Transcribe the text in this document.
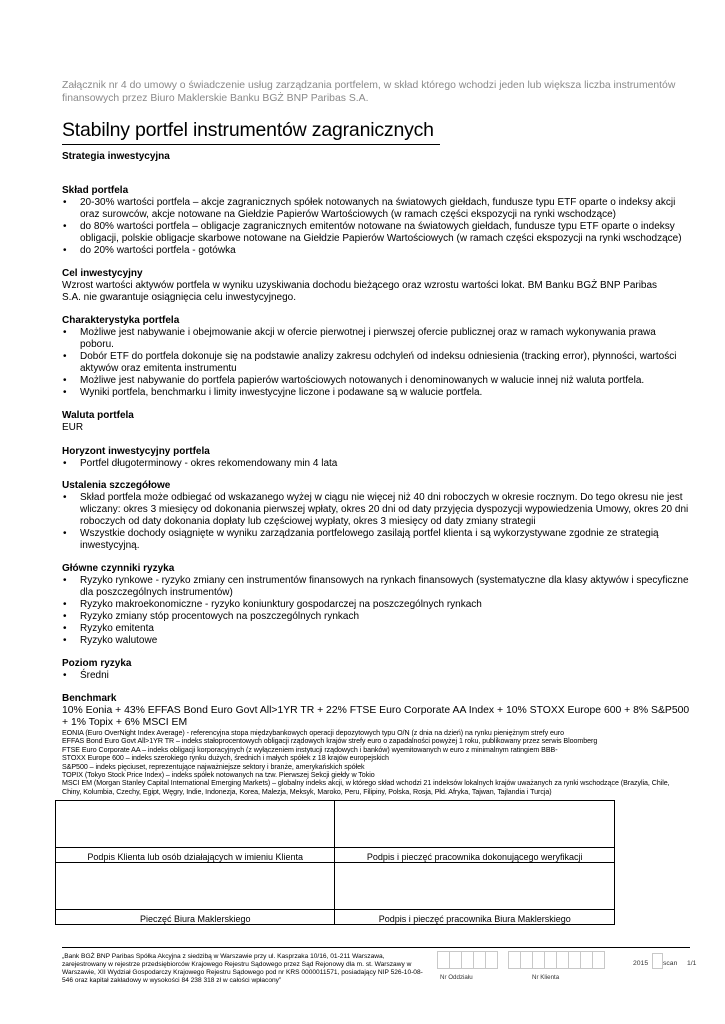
Załącznik nr 4 do umowy o świadczenie usług zarządzania portfelem, w skład którego wchodzi jeden lub większa liczba instrumentów finansowych przez Biuro Maklerskie Banku BGŻ BNP Paribas S.A.
Stabilny portfel instrumentów zagranicznych
Strategia inwestycyjna
Skład portfela
• 20-30% wartości portfela – akcje zagranicznych spółek notowanych na światowych giełdach, fundusze typu ETF oparte o indeksy akcji oraz surowców, akcje notowane na Giełdzie Papierów Wartościowych (w ramach części ekspozycji na rynki wschodzące)
• do 80% wartości portfela – obligacje zagranicznych emitentów notowane na światowych giełdach, fundusze typu ETF oparte o indeksy obligacji, polskie obligacje skarbowe notowane na Giełdzie Papierów Wartościowych (w ramach części ekspozycji na rynki wschodzące)
• do 20% wartości portfela - gotówka
Cel inwestycyjny
Wzrost wartości aktywów portfela w wyniku uzyskiwania dochodu bieżącego oraz wzrostu wartości lokat. BM Banku BGŻ BNP Paribas S.A. nie gwarantuje osiągnięcia celu inwestycyjnego.
Charakterystyka portfela
• Możliwe jest nabywanie i obejmowanie akcji w ofercie pierwotnej i pierwszej ofercie publicznej oraz w ramach wykonywania prawa poboru.
• Dobór ETF do portfela dokonuje się na podstawie analizy zakresu odchyleń od indeksu odniesienia (tracking error), płynności, wartości aktywów oraz emitenta instrumentu
• Możliwe jest nabywanie do portfela papierów wartościowych notowanych i denominowanych w walucie innej niż waluta portfela.
• Wyniki portfela, benchmarku i limity inwestycyjne liczone i podawane są w walucie portfela.
Waluta portfela
EUR
Horyzont inwestycyjny portfela
• Portfel długoterminowy - okres rekomendowany min 4 lata
Ustalenia szczegółowe
• Skład portfela może odbiegać od wskazanego wyżej w ciągu nie więcej niż 40 dni roboczych w okresie rocznym. Do tego okresu nie jest wliczany: okres 3 miesięcy od dokonania pierwszej wpłaty, okres 20 dni od daty przyjęcia dyspozycji wypowiedzenia Umowy, okres 20 dni roboczych od daty dokonania dopłaty lub częściowej wypłaty, okres 3 miesięcy od daty zmiany strategii
• Wszystkie dochody osiągnięte w wyniku zarządzania portfelowego zasilają portfel klienta i są wykorzystywane zgodnie ze strategią inwestycyjną.
Główne czynniki ryzyka
• Ryzyko rynkowe - ryzyko zmiany cen instrumentów finansowych na rynkach finansowych (systematyczne dla klasy aktywów i specyficzne dla poszczególnych instrumentów)
• Ryzyko makroekonomiczne - ryzyko koniunktury gospodarczej na poszczególnych rynkach
• Ryzyko zmiany stóp procentowych na poszczególnych rynkach
• Ryzyko emitenta
• Ryzyko walutowe
Poziom ryzyka
• Średni
Benchmark
10% Eonia + 43% EFFAS Bond Euro Govt All>1YR TR + 22% FTSE Euro Corporate AA Index + 10% STOXX Europe 600 + 8% S&P500 + 1% Topix + 6% MSCI EM
EONIA (Euro OverNight Index Average) - referencyjna stopa międzybankowych operacji depozytowych typu O/N (z dnia na dzień) na rynku pieniężnym strefy euro
EFFAS Bond Euro Govt All>1YR TR – indeks stałoprocentowych obligacji rządowych krajów strefy euro o zapadalności powyżej 1 roku, publikowany przez serwis Bloomberg
FTSE Euro Corporate AA – indeks obligacji korporacyjnych (z wyłączeniem instytucji rządowych i banków) wyemitowanych w euro z minimalnym ratingiem BBB-
STOXX Europe 600 – indeks szerokiego rynku dużych, średnich i małych spółek z 18 krajów europejskich
S&P500 – indeks pięciuset, reprezentujące najważniejsze sektory i branże, amerykańskich spółek
TOPIX (Tokyo Stock Price Index) – indeks spółek notowanych na tzw. Pierwszej Sekcji giełdy w Tokio
MSCI EM (Morgan Stanley Capital International Emerging Markets) – globalny indeks akcji, w którego skład wchodzi 21 indeksów lokalnych krajów uważanych za rynki wschodzące (Brazylia, Chile, Chiny, Kolumbia, Czechy, Egipt, Węgry, Indie, Indonezja, Korea, Malezja, Meksyk, Maroko, Peru, Filipiny, Polska, Rosja, Płd. Afryka, Tajwan, Tajlandia i Turcja)

Podpis Klienta lub osób działających w imieniu Klienta	Podpis i pieczęć pracownika dokonującego weryfikacji

Pieczęć Biura Maklerskiego	Podpis i pieczęć pracownika Biura Maklerskiego
„Bank BGŻ BNP Paribas Spółka Akcyjna z siedzibą w Warszawie przy ul. Kasprzaka 10/16, 01-211 Warszawa, zarejestrowany w rejestrze przedsiębiorców Krajowego Rejestru Sądowego przez Sąd Rejonowy dla m. st. Warszawy w Warszawie, XII Wydział Gospodarczy Krajowego Rejestru Sądowego pod nr KRS 0000011571, posiadający NIP 526-10-08-546 oraz kapitał zakładowy w wysokości 84 238 318 zł w całości wpłacony”	Nr Oddziału	Nr Klienta
2015 scan 1/1
